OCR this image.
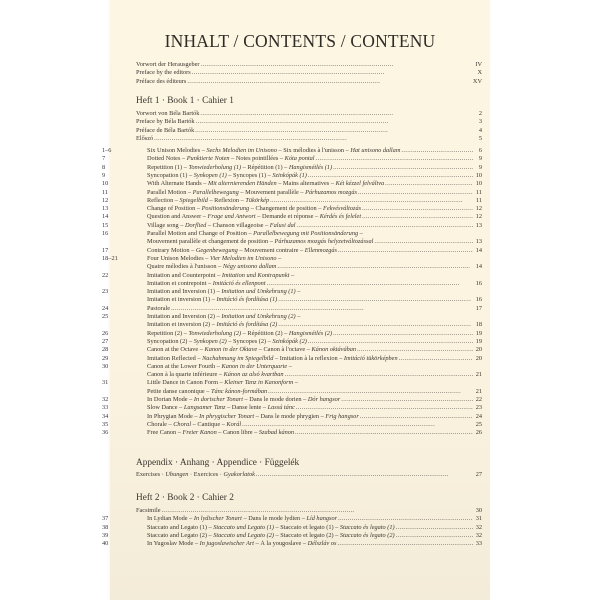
INHALT / CONTENTS / CONTENU
Vorwort der Herausgeber . . .	IV
Preface by the editors . . .	X
Préface des éditeurs . . .	XV
Heft 1 · Book 1 · Cahier 1
Vorwort von Béla Bartók . . .	2
Preface by Béla Bartók . . .	3
Préface de Béla Bartók . . .	4
Előszó . . .	5
1–6	Six Unison Melodies – Sechs Melodien im Unisono – Six mélodies à l'unisson – Hat unisono dallam . . .	6
7	Dotted Notes – Punktierte Noten – Notes pointillées – Kóta pontal . . .	9
8	Repetition (1) – Tonwiederholung (1) – Répétition (1) – Hangismétlés (1) . . .	9
9	Syncopation (1) – Synkopen (1) – Syncopes (1) – Szinkópák (1) . . .	10
10	With Alternate Hands – Mit alternierenden Händen – Mains alternatives – Két kézzel felváltva . . .	10
11	Parallel Motion – Parallelbewegung – Mouvement parallèle – Párhuzamos mozgás . . .	11
12	Reflection – Spiegelbild – Reflexion – Tükörkép . . .	11
13	Change of Position – Positionsänderung – Changement de position – Fekvésváltozás . . .	12
14	Question and Answer – Frage und Antwort – Demande et réponse – Kérdés és felelet . . .	12
15	Village song – Dorflied – Chanson villageoise – Falusi dal . . .	13
16	Parallel Motion and Change of Position – Parallelbewegung mit Positionsänderung –
Mouvement parallèle et changement de position – Párhuzamos mozgás helyzetváltozással . . .	13
17	Contrary Motion – Gegenbewegung – Mouvement contraire – Ellenmozgás . . .	14
18–21	Four Unison Melodies – Vier Melodien im Unisono –
Quatre mélodies à l'unisson – Négy unisono dallam . . .	14
22	Imitation and Counterpoint – Imitation und Kontrapunkt –
Imitation et contrepoint – Imitáció és ellenpont . . .	16
23	Imitation and Inversion (1) – Imitation und Umkehrung (1) –
Imitation et inversion (1) – Imitáció és fordítása (1) . . .	16
24	Pastorale . . .	17
25	Imitation and Inversion (2) – Imitation und Umkehrung (2) –
Imitation et inversion (2) – Imitáció és fordítása (2) . . .	18
26	Repetition (2) – Tonwiederholung (2) – Répétition (2) – Hangismétlés (2) . . .	19
27	Syncopation (2) – Synkopen (2) – Syncopes (2) – Szinkópák (2) . . .	19
28	Canon at the Octave – Kanon in der Oktave – Canon à l'octave – Kánon oktávában . . .	20
29	Imitation Reflected – Nachahmung im Spiegelbild – Imitation à la reflexion – Imitáció tükörképben . . .	20
30	Canon at the Lower Fourth – Kanon in der Unterquarte –
Canon à la quarte inférieure – Kánon az alsó kvartban . . .	21
31	Little Dance in Canon Form – Kleiner Tanz in Kanonform –
Petite danse canonique – Tánc kánon-formában . . .	21
32	In Dorian Mode – In dorischer Tonart – Dans le mode dorien – Dór hangsor . . .	22
33	Slow Dance – Langsamer Tanz – Danse lente – Lassú tánc . . .	23
34	In Phrygian Mode – In phrygischer Tonart – Dans le mode phrygien – Frig hangsor . . .	24
35	Chorale – Choral – Cantique – Korál . . .	25
36	Free Canon – Freier Kanon – Canon libre – Szabad kánon . . .	26
Appendix · Anhang · Appendice · Függelék
Exercises · Übungen · Exercices · Gyakorlatok . . .	27
Heft 2 · Book 2 · Cahier 2
Facsimile . . .	30
37	In Lydian Mode – In lydischer Tonart – Dans le mode lydien – Líd hangsor . . .	31
38	Staccato and Legato (1) – Staccato und Legato (1) – Staccato et legato (1) – Staccato és legato (1) . . .	32
39	Staccato and Legato (2) – Staccato und Legato (2) – Staccato et legato (2) – Staccato és legato (2) . . .	32
40	In Yugoslav Mode – In jugoslawischer Art – À la yougoslave – Délszláv os . . .	33
